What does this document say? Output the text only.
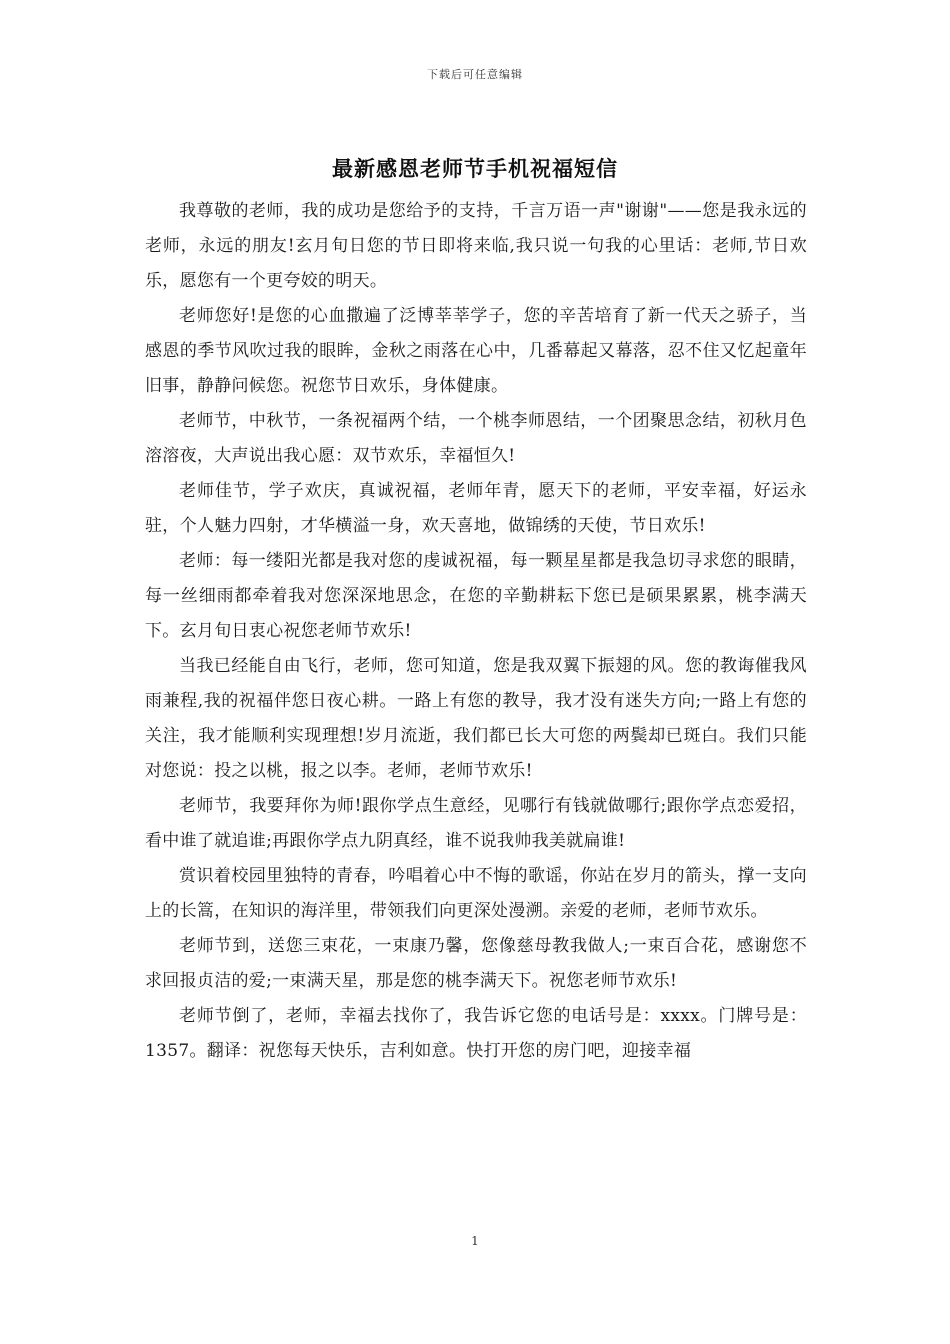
下载后可任意编辑
最新感恩老师节手机祝福短信

我尊敬的老师，我的成功是您给予的支持，千言万语一声"谢谢"——您是我永远的老师，永远的朋友!玄月旬日您的节日即将来临,我只说一句我的心里话：老师,节日欢乐，愿您有一个更夸姣的明天。

老师您好!是您的心血撒遍了泛博莘莘学子，您的辛苦培育了新一代天之骄子，当感恩的季节风吹过我的眼眸，金秋之雨落在心中，几番幕起又幕落，忍不住又忆起童年旧事，静静问候您。祝您节日欢乐，身体健康。

老师节，中秋节，一条祝福两个结，一个桃李师恩结，一个团聚思念结，初秋月色溶溶夜，大声说出我心愿：双节欢乐，幸福恒久!

老师佳节，学子欢庆，真诚祝福，老师年青，愿天下的老师，平安幸福，好运永驻，个人魅力四射，才华横溢一身，欢天喜地，做锦绣的天使，节日欢乐!

老师：每一缕阳光都是我对您的虔诚祝福，每一颗星星都是我急切寻求您的眼睛，每一丝细雨都牵着我对您深深地思念，在您的辛勤耕耘下您已是硕果累累，桃李满天下。玄月旬日衷心祝您老师节欢乐!

当我已经能自由飞行，老师，您可知道，您是我双翼下振翅的风。您的教诲催我风雨兼程,我的祝福伴您日夜心耕。一路上有您的教导，我才没有迷失方向;一路上有您的关注，我才能顺利实现理想!岁月流逝，我们都已长大可您的两鬓却已斑白。我们只能对您说：投之以桃，报之以李。老师，老师节欢乐!

老师节，我要拜你为师!跟你学点生意经，见哪行有钱就做哪行;跟你学点恋爱招，看中谁了就追谁;再跟你学点九阴真经，谁不说我帅我美就扁谁!

赏识着校园里独特的青春，吟唱着心中不悔的歌谣，你站在岁月的箭头，撑一支向上的长篙，在知识的海洋里，带领我们向更深处漫溯。亲爱的老师，老师节欢乐。

老师节到，送您三束花，一束康乃馨，您像慈母教我做人;一束百合花，感谢您不求回报贞洁的爱;一束满天星，那是您的桃李满天下。祝您老师节欢乐!

老师节倒了，老师，幸福去找你了，我告诉它您的电话号是：xxxx。门牌号是：1357。翻译：祝您每天快乐，吉利如意。快打开您的房门吧，迎接幸福

1
